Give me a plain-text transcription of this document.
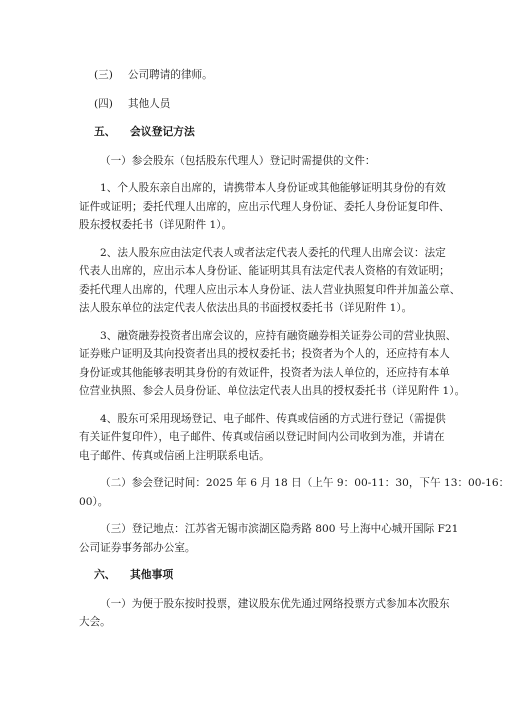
(三)	公司聘请的律师。
(四)	其他人员
五、	会议登记方法

（一）参会股东（包括股东代理人）登记时需提供的文件：

1、个人股东亲自出席的，请携带本人身份证或其他能够证明其身份的有效

证件或证明；委托代理人出席的，应出示代理人身份证、委托人身份证复印件、

股东授权委托书（详见附件 1）。

2、法人股东应由法定代表人或者法定代表人委托的代理人出席会议：法定

代表人出席的，应出示本人身份证、能证明其具有法定代表人资格的有效证明；

委托代理人出席的，代理人应出示本人身份证、法人营业执照复印件并加盖公章、

法人股东单位的法定代表人依法出具的书面授权委托书（详见附件 1）。

3、融资融券投资者出席会议的，应持有融资融券相关证券公司的营业执照、

证券账户证明及其向投资者出具的授权委托书；投资者为个人的，还应持有本人

身份证或其他能够表明其身份的有效证件，投资者为法人单位的，还应持有本单

位营业执照、参会人员身份证、单位法定代表人出具的授权委托书（详见附件 1）。

4、股东可采用现场登记、电子邮件、传真或信函的方式进行登记（需提供

有关证件复印件），电子邮件、传真或信函以登记时间内公司收到为准，并请在

电子邮件、传真或信函上注明联系电话。

（二）参会登记时间：2025 年 6 月 18 日（上午 9：00-11：30，下午 13：00-16：

00）。

（三）登记地点：江苏省无锡市滨湖区隐秀路 800 号上海中心城开国际 F21

公司证券事务部办公室。

六、	其他事项

（一）为便于股东按时投票，建议股东优先通过网络投票方式参加本次股东

大会。
